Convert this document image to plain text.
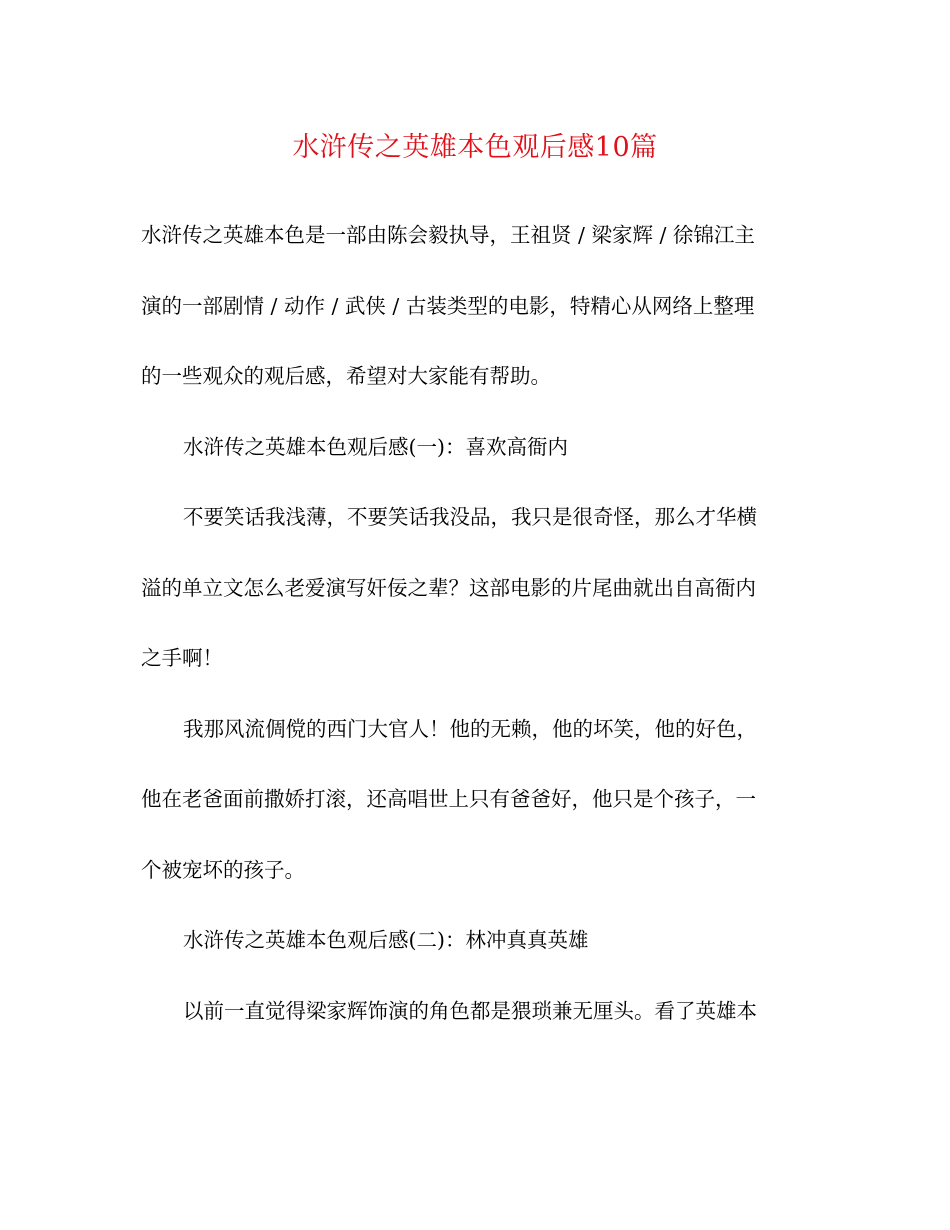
水浒传之英雄本色观后感10篇
水浒传之英雄本色是一部由陈会毅执导，王祖贤 / 梁家辉 / 徐锦江主
演的一部剧情 / 动作 / 武侠 / 古装类型的电影，特精心从网络上整理
的一些观众的观后感，希望对大家能有帮助。
水浒传之英雄本色观后感(一)：喜欢高衙内
不要笑话我浅薄，不要笑话我没品，我只是很奇怪，那么才华横
溢的单立文怎么老爱演写奸佞之辈？这部电影的片尾曲就出自高衙内
之手啊！
我那风流倜傥的西门大官人！他的无赖，他的坏笑，他的好色，
他在老爸面前撒娇打滚，还高唱世上只有爸爸好，他只是个孩子，一
个被宠坏的孩子。
水浒传之英雄本色观后感(二)：林冲真真英雄
以前一直觉得梁家辉饰演的角色都是猥琐兼无厘头。看了英雄本
